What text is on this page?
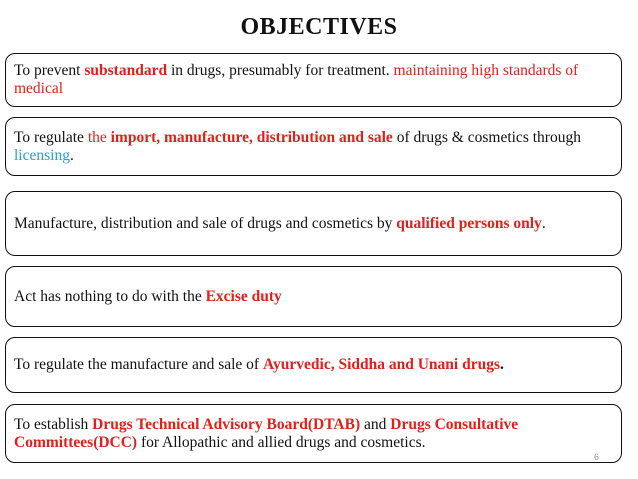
OBJECTIVES

To prevent substandard in drugs, presumably for treatment. maintaining high standards of medical

To regulate the import, manufacture, distribution and sale of drugs & cosmetics through licensing.

Manufacture, distribution and sale of drugs and cosmetics by qualified persons only.

Act has nothing to do with the Excise duty

To regulate the manufacture and sale of Ayurvedic, Siddha and Unani drugs.

To establish Drugs Technical Advisory Board(DTAB) and Drugs Consultative Committees(DCC) for Allopathic and allied drugs and cosmetics.

6
